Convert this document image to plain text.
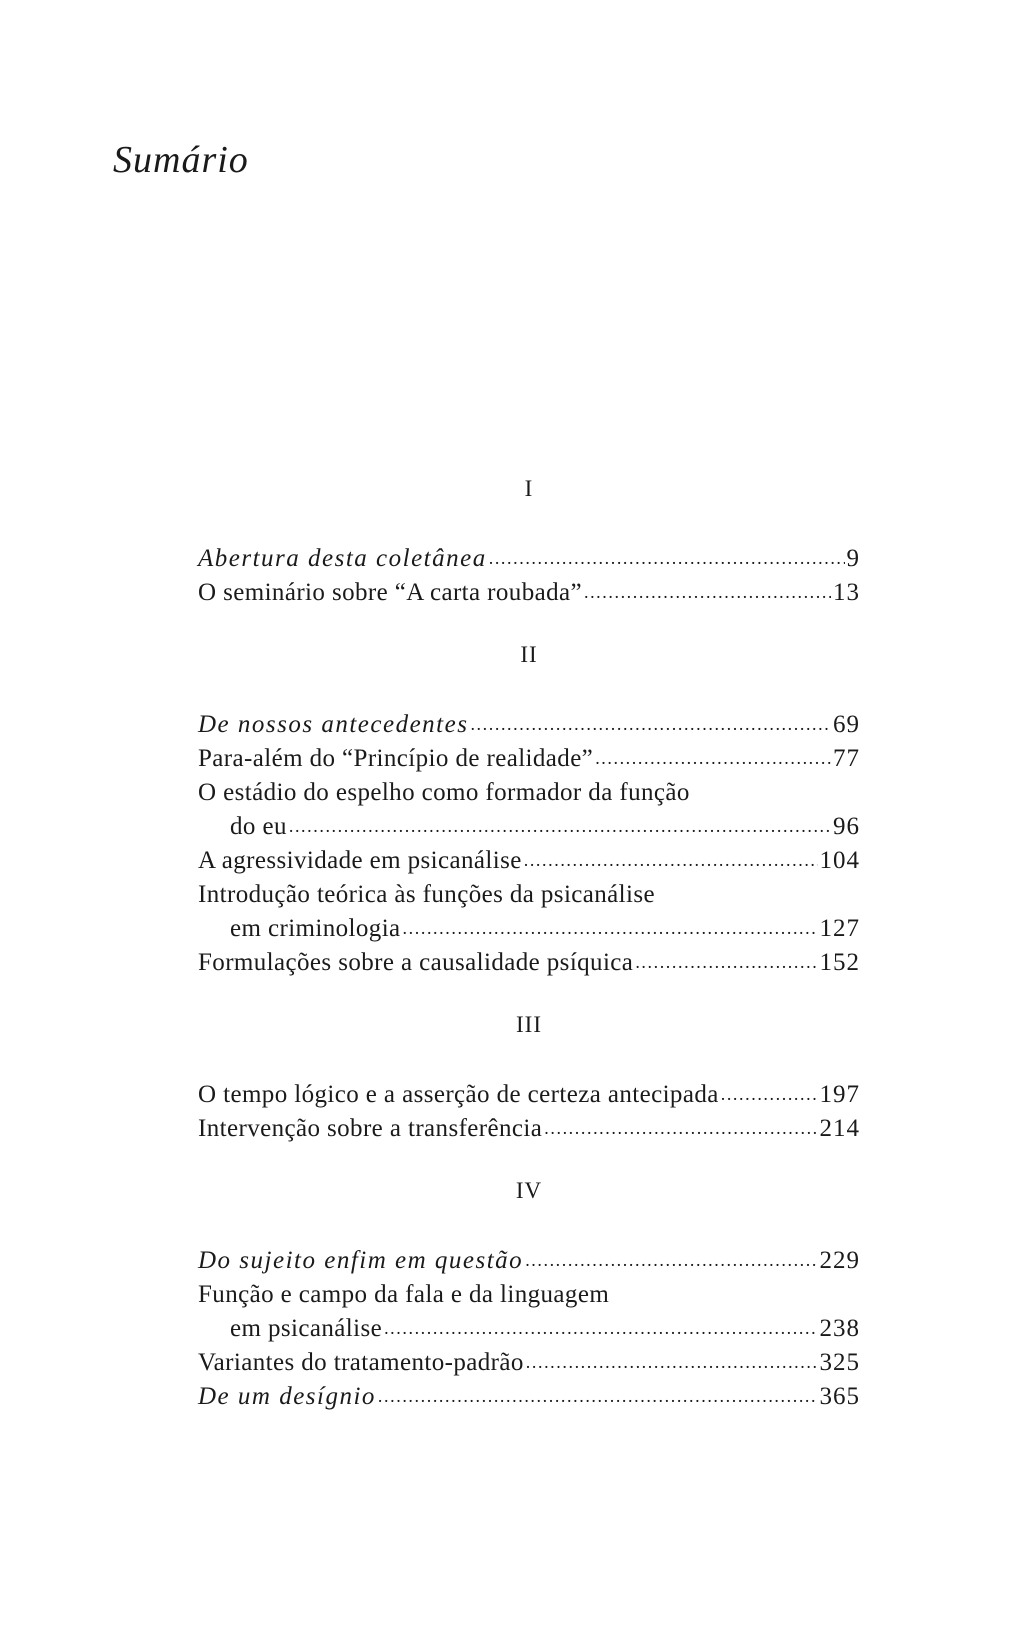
Sumário
I
Abertura desta coletânea .....	9
O seminário sobre “A carta roubada” .....	13
II
De nossos antecedentes .....	69
Para-além do “Princípio de realidade” .....	77
O estádio do espelho como formador da função
do eu .....	96
A agressividade em psicanálise .....	104
Introdução teórica às funções da psicanálise
em criminologia .....	127
Formulações sobre a causalidade psíquica .....	152
III
O tempo lógico e a asserção de certeza antecipada .....	197
Intervenção sobre a transferência .....	214
IV
Do sujeito enfim em questão .....	229
Função e campo da fala e da linguagem
em psicanálise .....	238
Variantes do tratamento-padrão .....	325
De um desígnio .....	365
